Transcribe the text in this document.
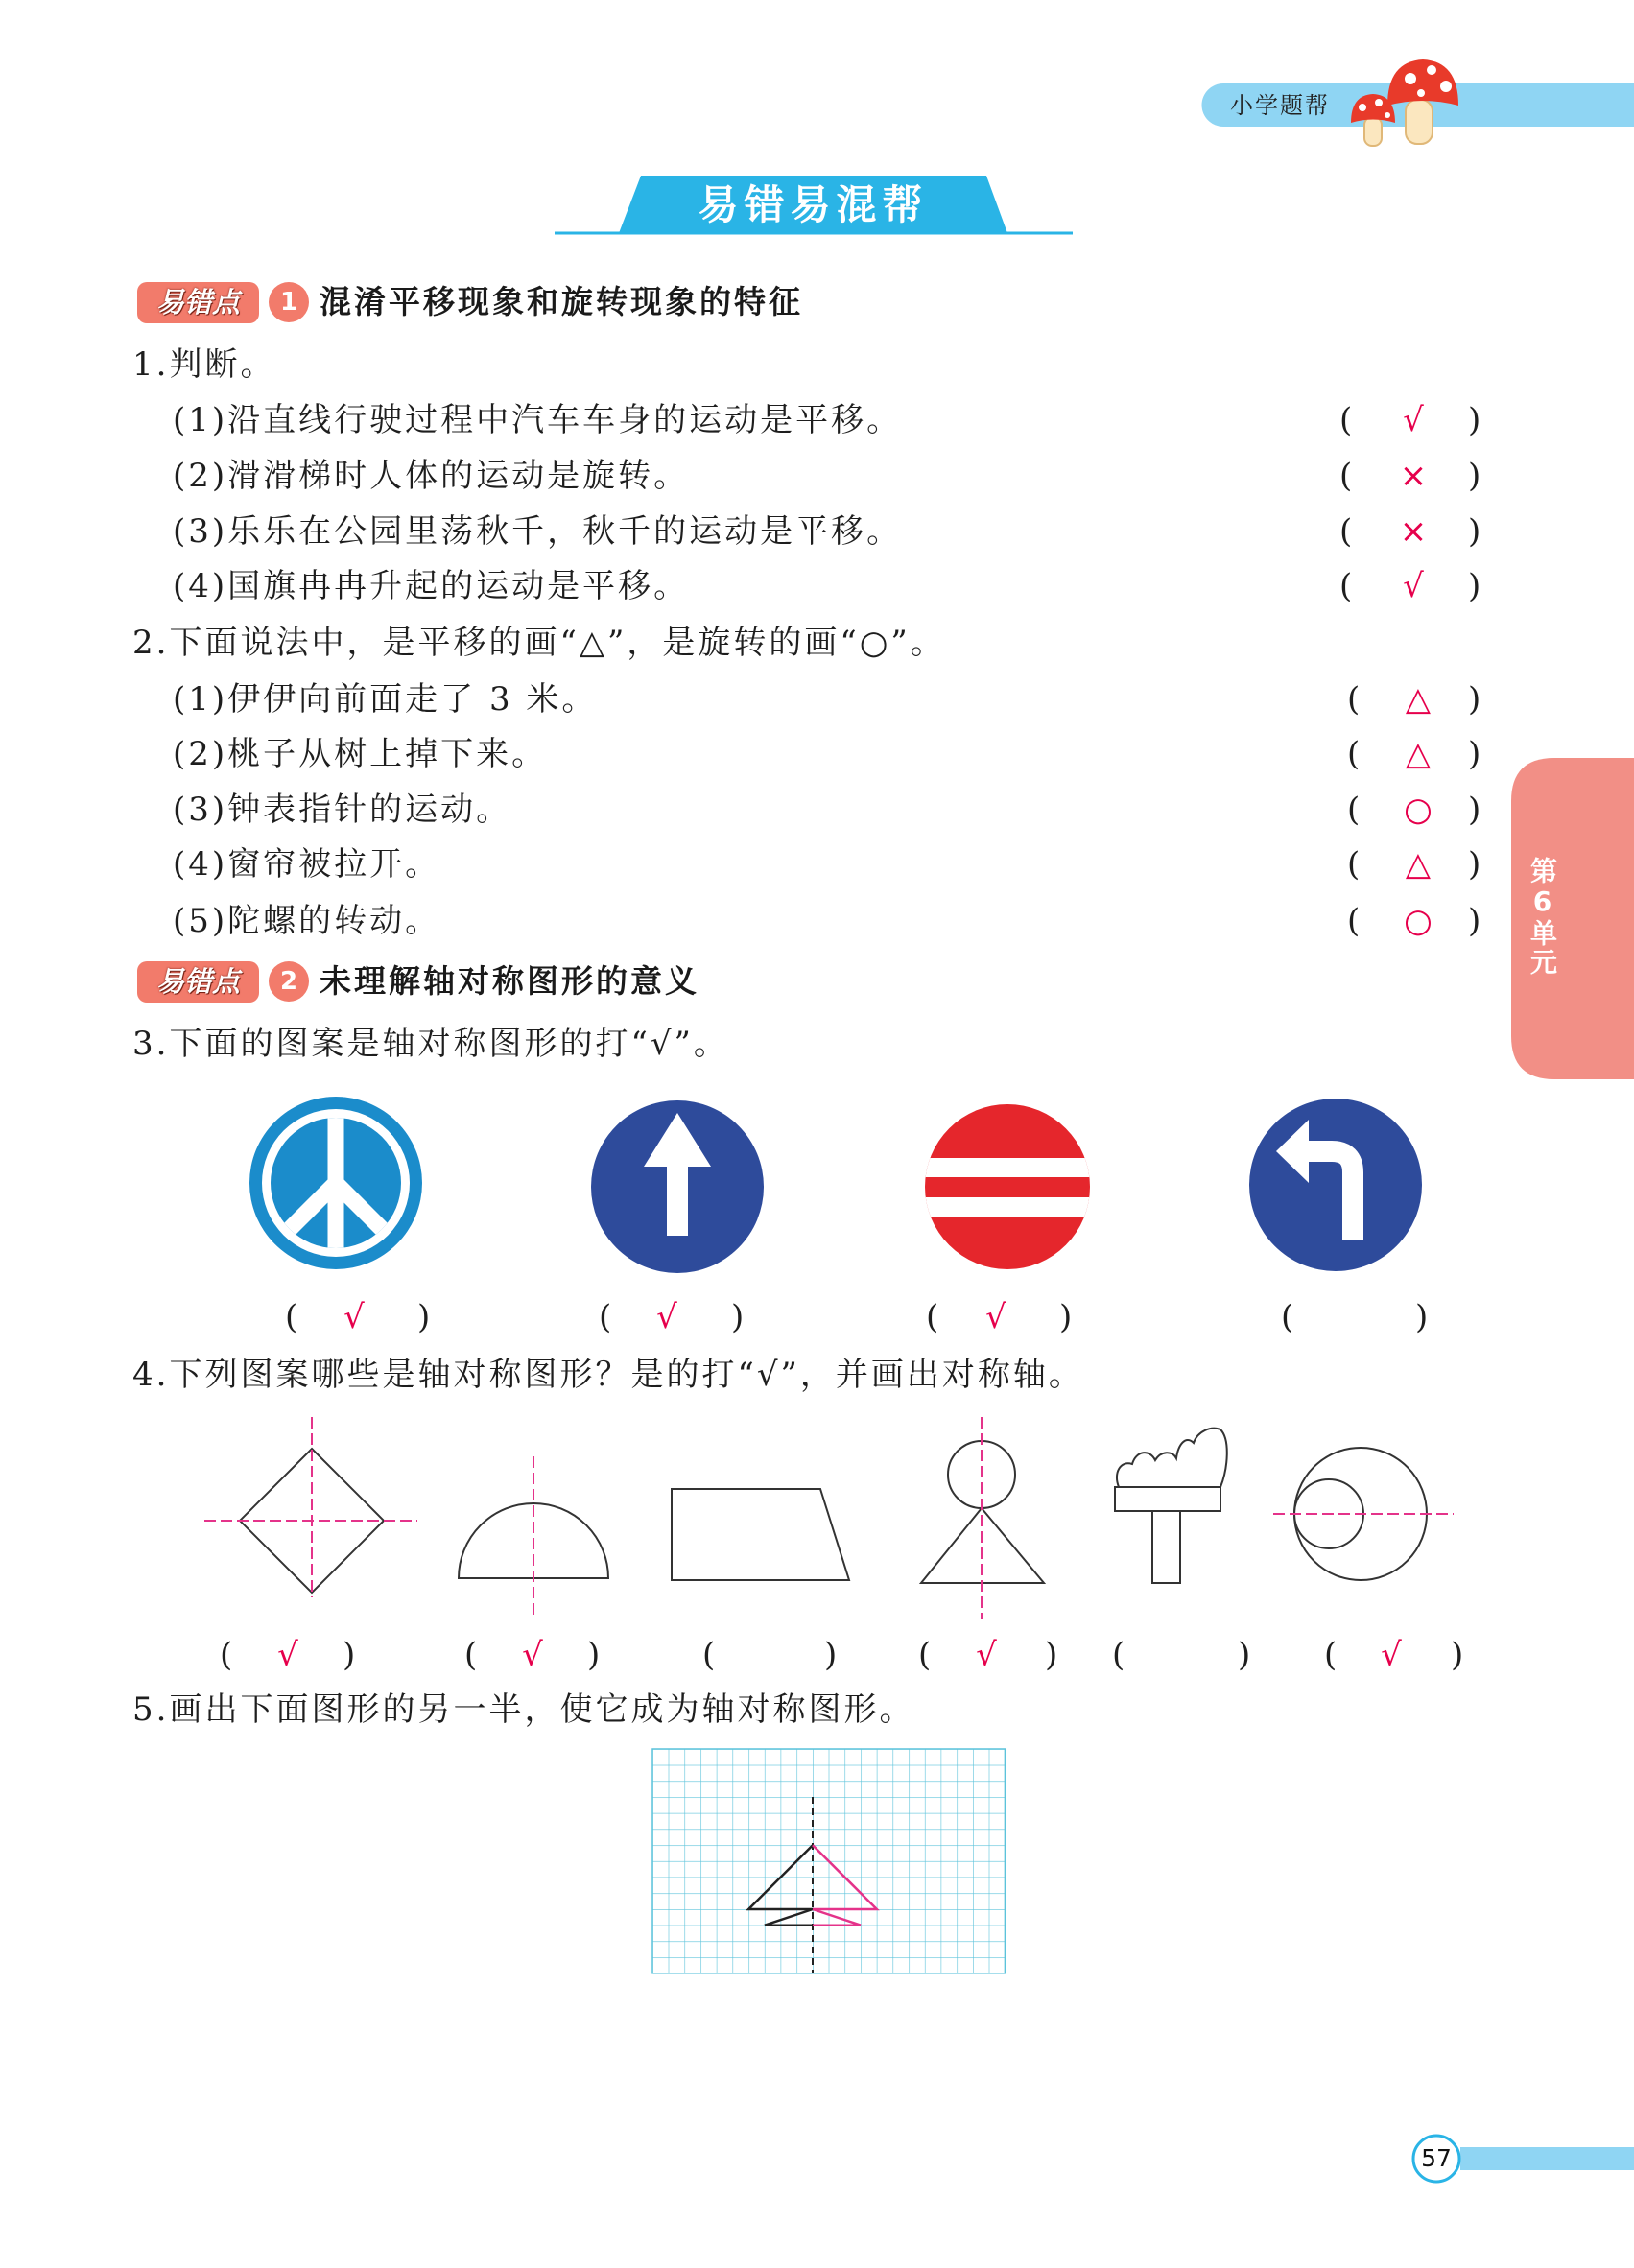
小学题帮
易错易混帮
第6单元
57
易错点	1 混淆平移现象和旋转现象的特征
1.判断。
(1)沿直线行驶过程中汽车车身的运动是平移。	(	√	)
(2)滑滑梯时人体的运动是旋转。	(	×	)
(3)乐乐在公园里荡秋千，秋千的运动是平移。	(	×	)
(4)国旗冉冉升起的运动是平移。	(	√	)
2.下面说法中，是平移的画“△”，是旋转的画“○”。
(1)伊伊向前面走了 3 米。	(	△	)
(2)桃子从树上掉下来。	(	△	)
(3)钟表指针的运动。	(	○	)
(4)窗帘被拉开。	(	△	)
(5)陀螺的转动。	(	○	)
易错点	2 未理解轴对称图形的意义
3.下面的图案是轴对称图形的打“√”。
(	√	)	(	√	)	(	√	)	(	)
4.下列图案哪些是轴对称图形？是的打“√”，并画出对称轴。
(	√	)	(	√	)	(	) (	√	) (	) (	√	)
5.画出下面图形的另一半，使它成为轴对称图形。
